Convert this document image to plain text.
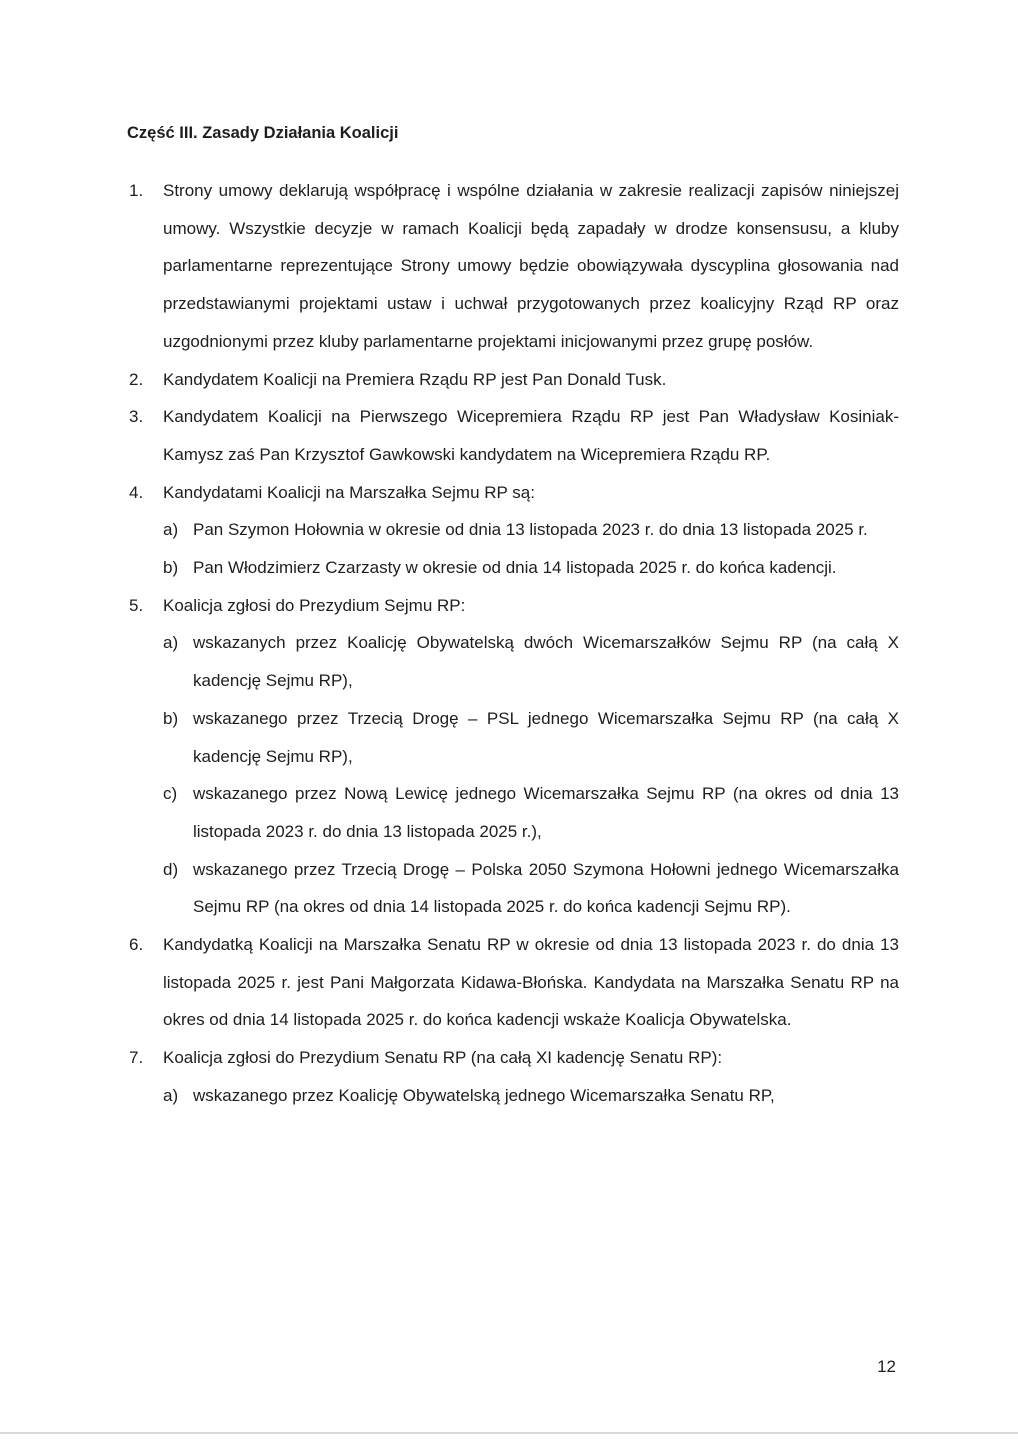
Część III. Zasady Działania Koalicji
1. Strony umowy deklarują współpracę i wspólne działania w zakresie realizacji zapisów niniejszej umowy. Wszystkie decyzje w ramach Koalicji będą zapadały w drodze konsensusu, a kluby parlamentarne reprezentujące Strony umowy będzie obowiązywała dyscyplina głosowania nad przedstawianymi projektami ustaw i uchwał przygotowanych przez koalicyjny Rząd RP oraz uzgodnionymi przez kluby parlamentarne projektami inicjowanymi przez grupę posłów.
2. Kandydatem Koalicji na Premiera Rządu RP jest Pan Donald Tusk.
3. Kandydatem Koalicji na Pierwszego Wicepremiera Rządu RP jest Pan Władysław Kosiniak-Kamysz zaś Pan Krzysztof Gawkowski kandydatem na Wicepremiera Rządu RP.
4. Kandydatami Koalicji na Marszałka Sejmu RP są:
a) Pan Szymon Hołownia w okresie od dnia 13 listopada 2023 r. do dnia 13 listopada 2025 r.
b) Pan Włodzimierz Czarzasty w okresie od dnia 14 listopada 2025 r. do końca kadencji.
5. Koalicja zgłosi do Prezydium Sejmu RP:
a) wskazanych przez Koalicję Obywatelską dwóch Wicemarszałków Sejmu RP (na całą X kadencję Sejmu RP),
b) wskazanego przez Trzecią Drogę – PSL jednego Wicemarszałka Sejmu RP (na całą X kadencję Sejmu RP),
c) wskazanego przez Nową Lewicę jednego Wicemarszałka Sejmu RP (na okres od dnia 13 listopada 2023 r. do dnia 13 listopada 2025 r.),
d) wskazanego przez Trzecią Drogę – Polska 2050 Szymona Hołowni jednego Wicemarszałka Sejmu RP (na okres od dnia 14 listopada 2025 r. do końca kadencji Sejmu RP).
6. Kandydatką Koalicji na Marszałka Senatu RP w okresie od dnia 13 listopada 2023 r. do dnia 13 listopada 2025 r. jest Pani Małgorzata Kidawa-Błońska. Kandydata na Marszałka Senatu RP na okres od dnia 14 listopada 2025 r. do końca kadencji wskaże Koalicja Obywatelska.
7. Koalicja zgłosi do Prezydium Senatu RP (na całą XI kadencję Senatu RP):
a) wskazanego przez Koalicję Obywatelską jednego Wicemarszałka Senatu RP,
12
